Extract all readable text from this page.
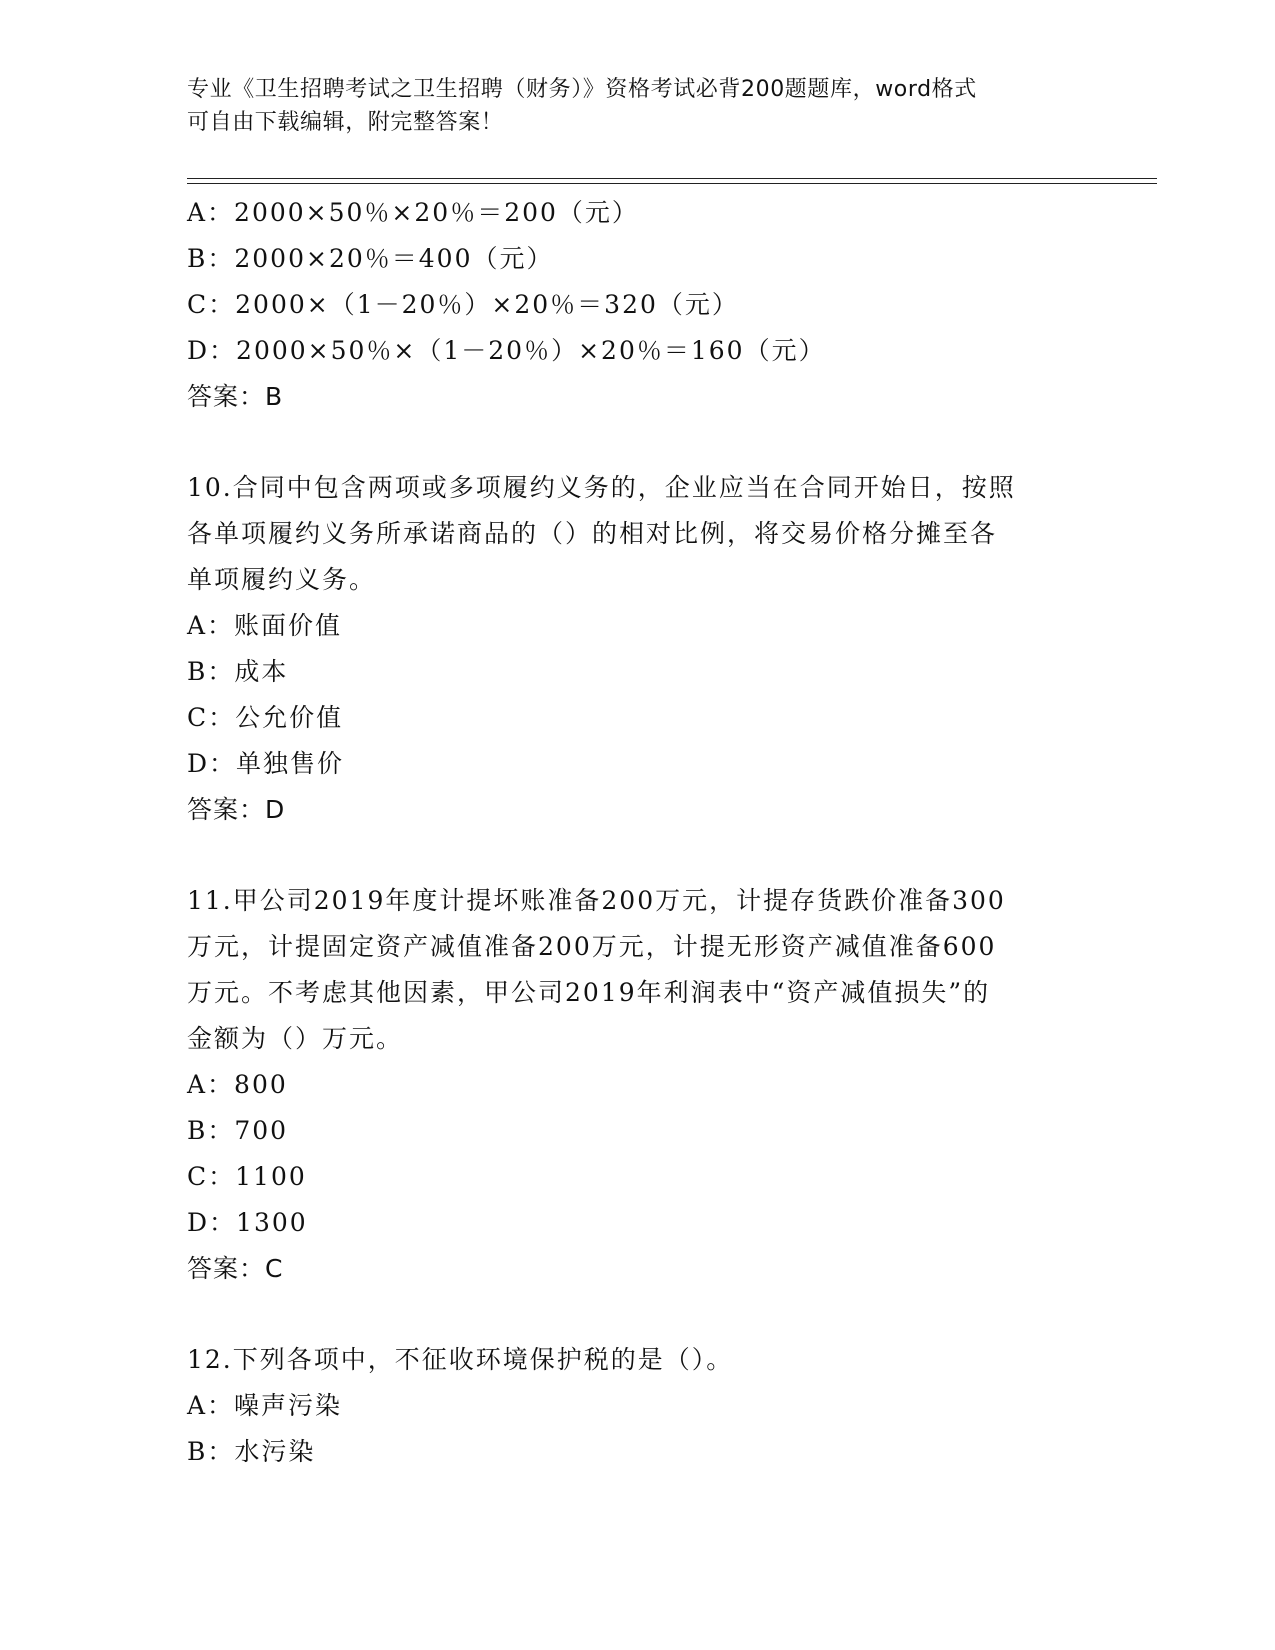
专业《卫生招聘考试之卫生招聘（财务）》资格考试必背200题题库，word格式
可自由下载编辑，附完整答案！
A：2000×50％×20％＝200（元）
B：2000×20％＝400（元）
C：2000×（1－20％）×20％＝320（元）
D：2000×50％×（1－20％）×20％＝160（元）
答案：B
10.合同中包含两项或多项履约义务的，企业应当在合同开始日，按照
各单项履约义务所承诺商品的（）的相对比例，将交易价格分摊至各
单项履约义务。
A：账面价值
B：成本
C：公允价值
D：单独售价
答案：D
11.甲公司2019年度计提坏账准备200万元，计提存货跌价准备300
万元，计提固定资产减值准备200万元，计提无形资产减值准备600
万元。不考虑其他因素，甲公司2019年利润表中“资产减值损失”的
金额为（）万元。
A：800
B：700
C：1100
D：1300
答案：C
12.下列各项中，不征收环境保护税的是（）。
A：噪声污染
B：水污染
